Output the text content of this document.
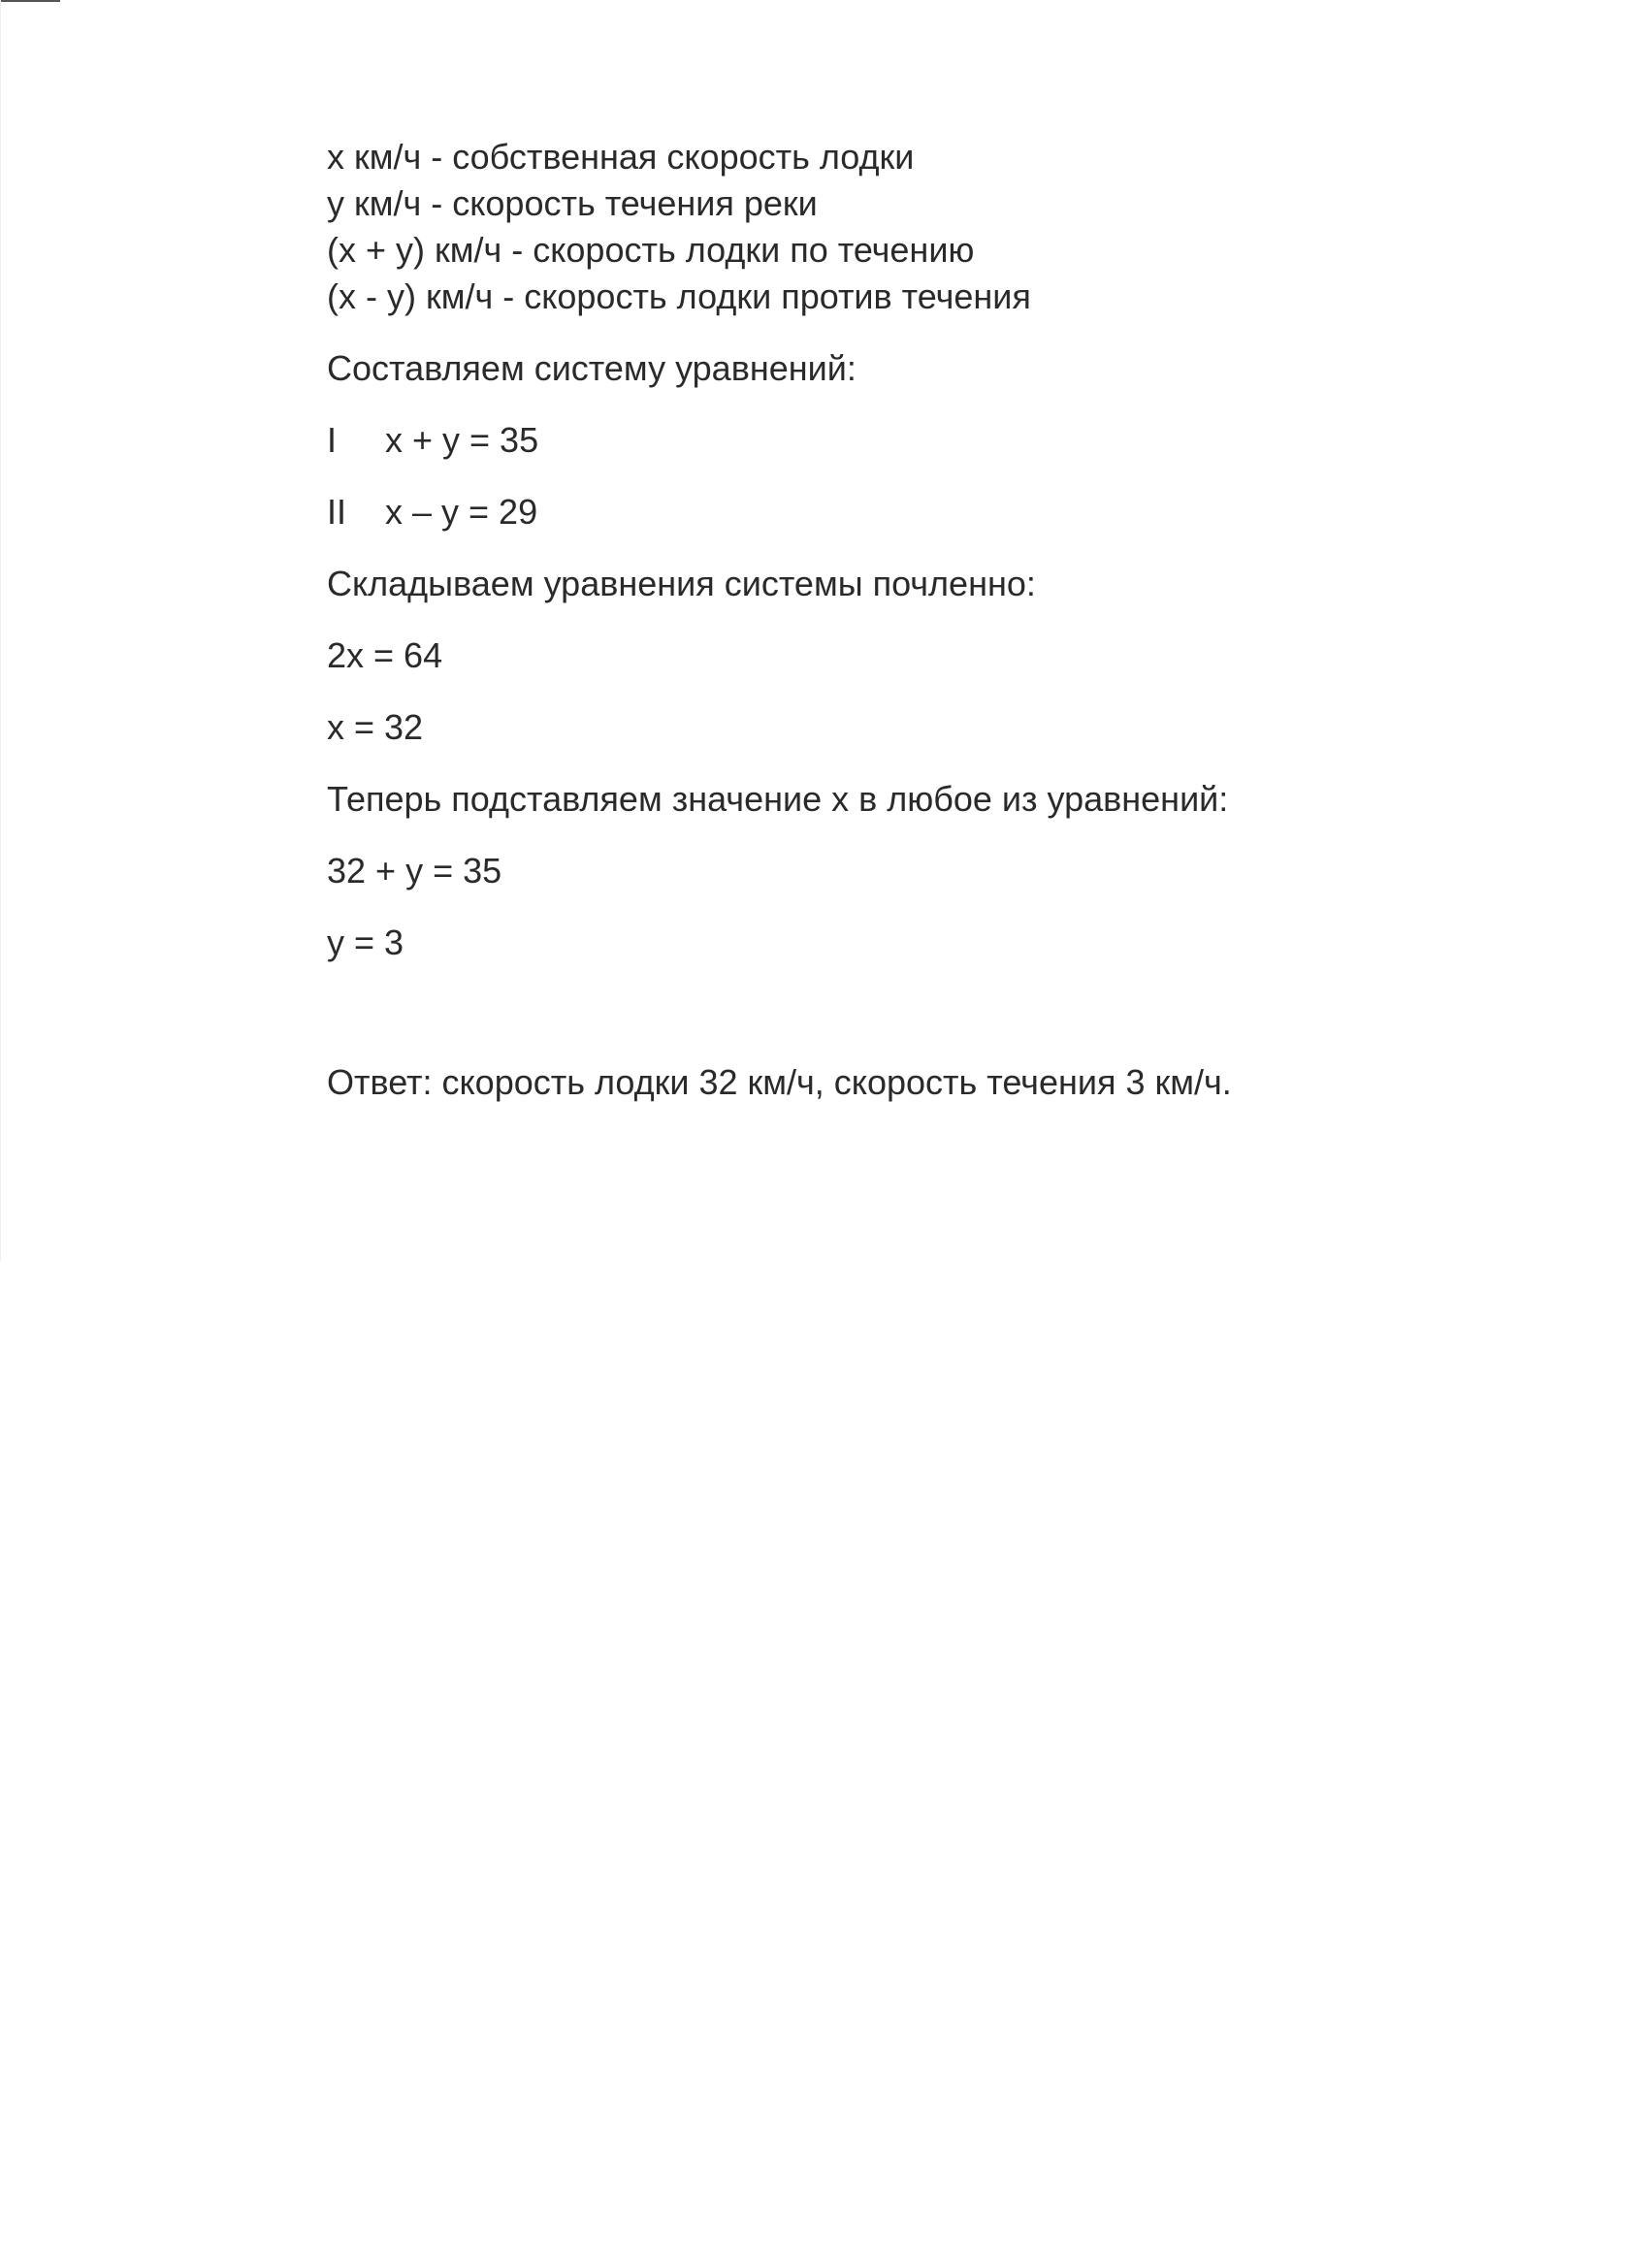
x км/ч - собственная скорость лодки
у км/ч - скорость течения реки
(x + у) км/ч - скорость лодки по течению
(x - у) км/ч - скорость лодки против течения
Составляем систему уравнений:
I	x + у = 35
II	x – у = 29
Складываем уравнения системы почленно:
2x = 64
x = 32
Теперь подставляем значение x в любое из уравнений:
32 + у = 35
у = 3
Ответ: скорость лодки 32 км/ч, скорость течения 3 км/ч.
